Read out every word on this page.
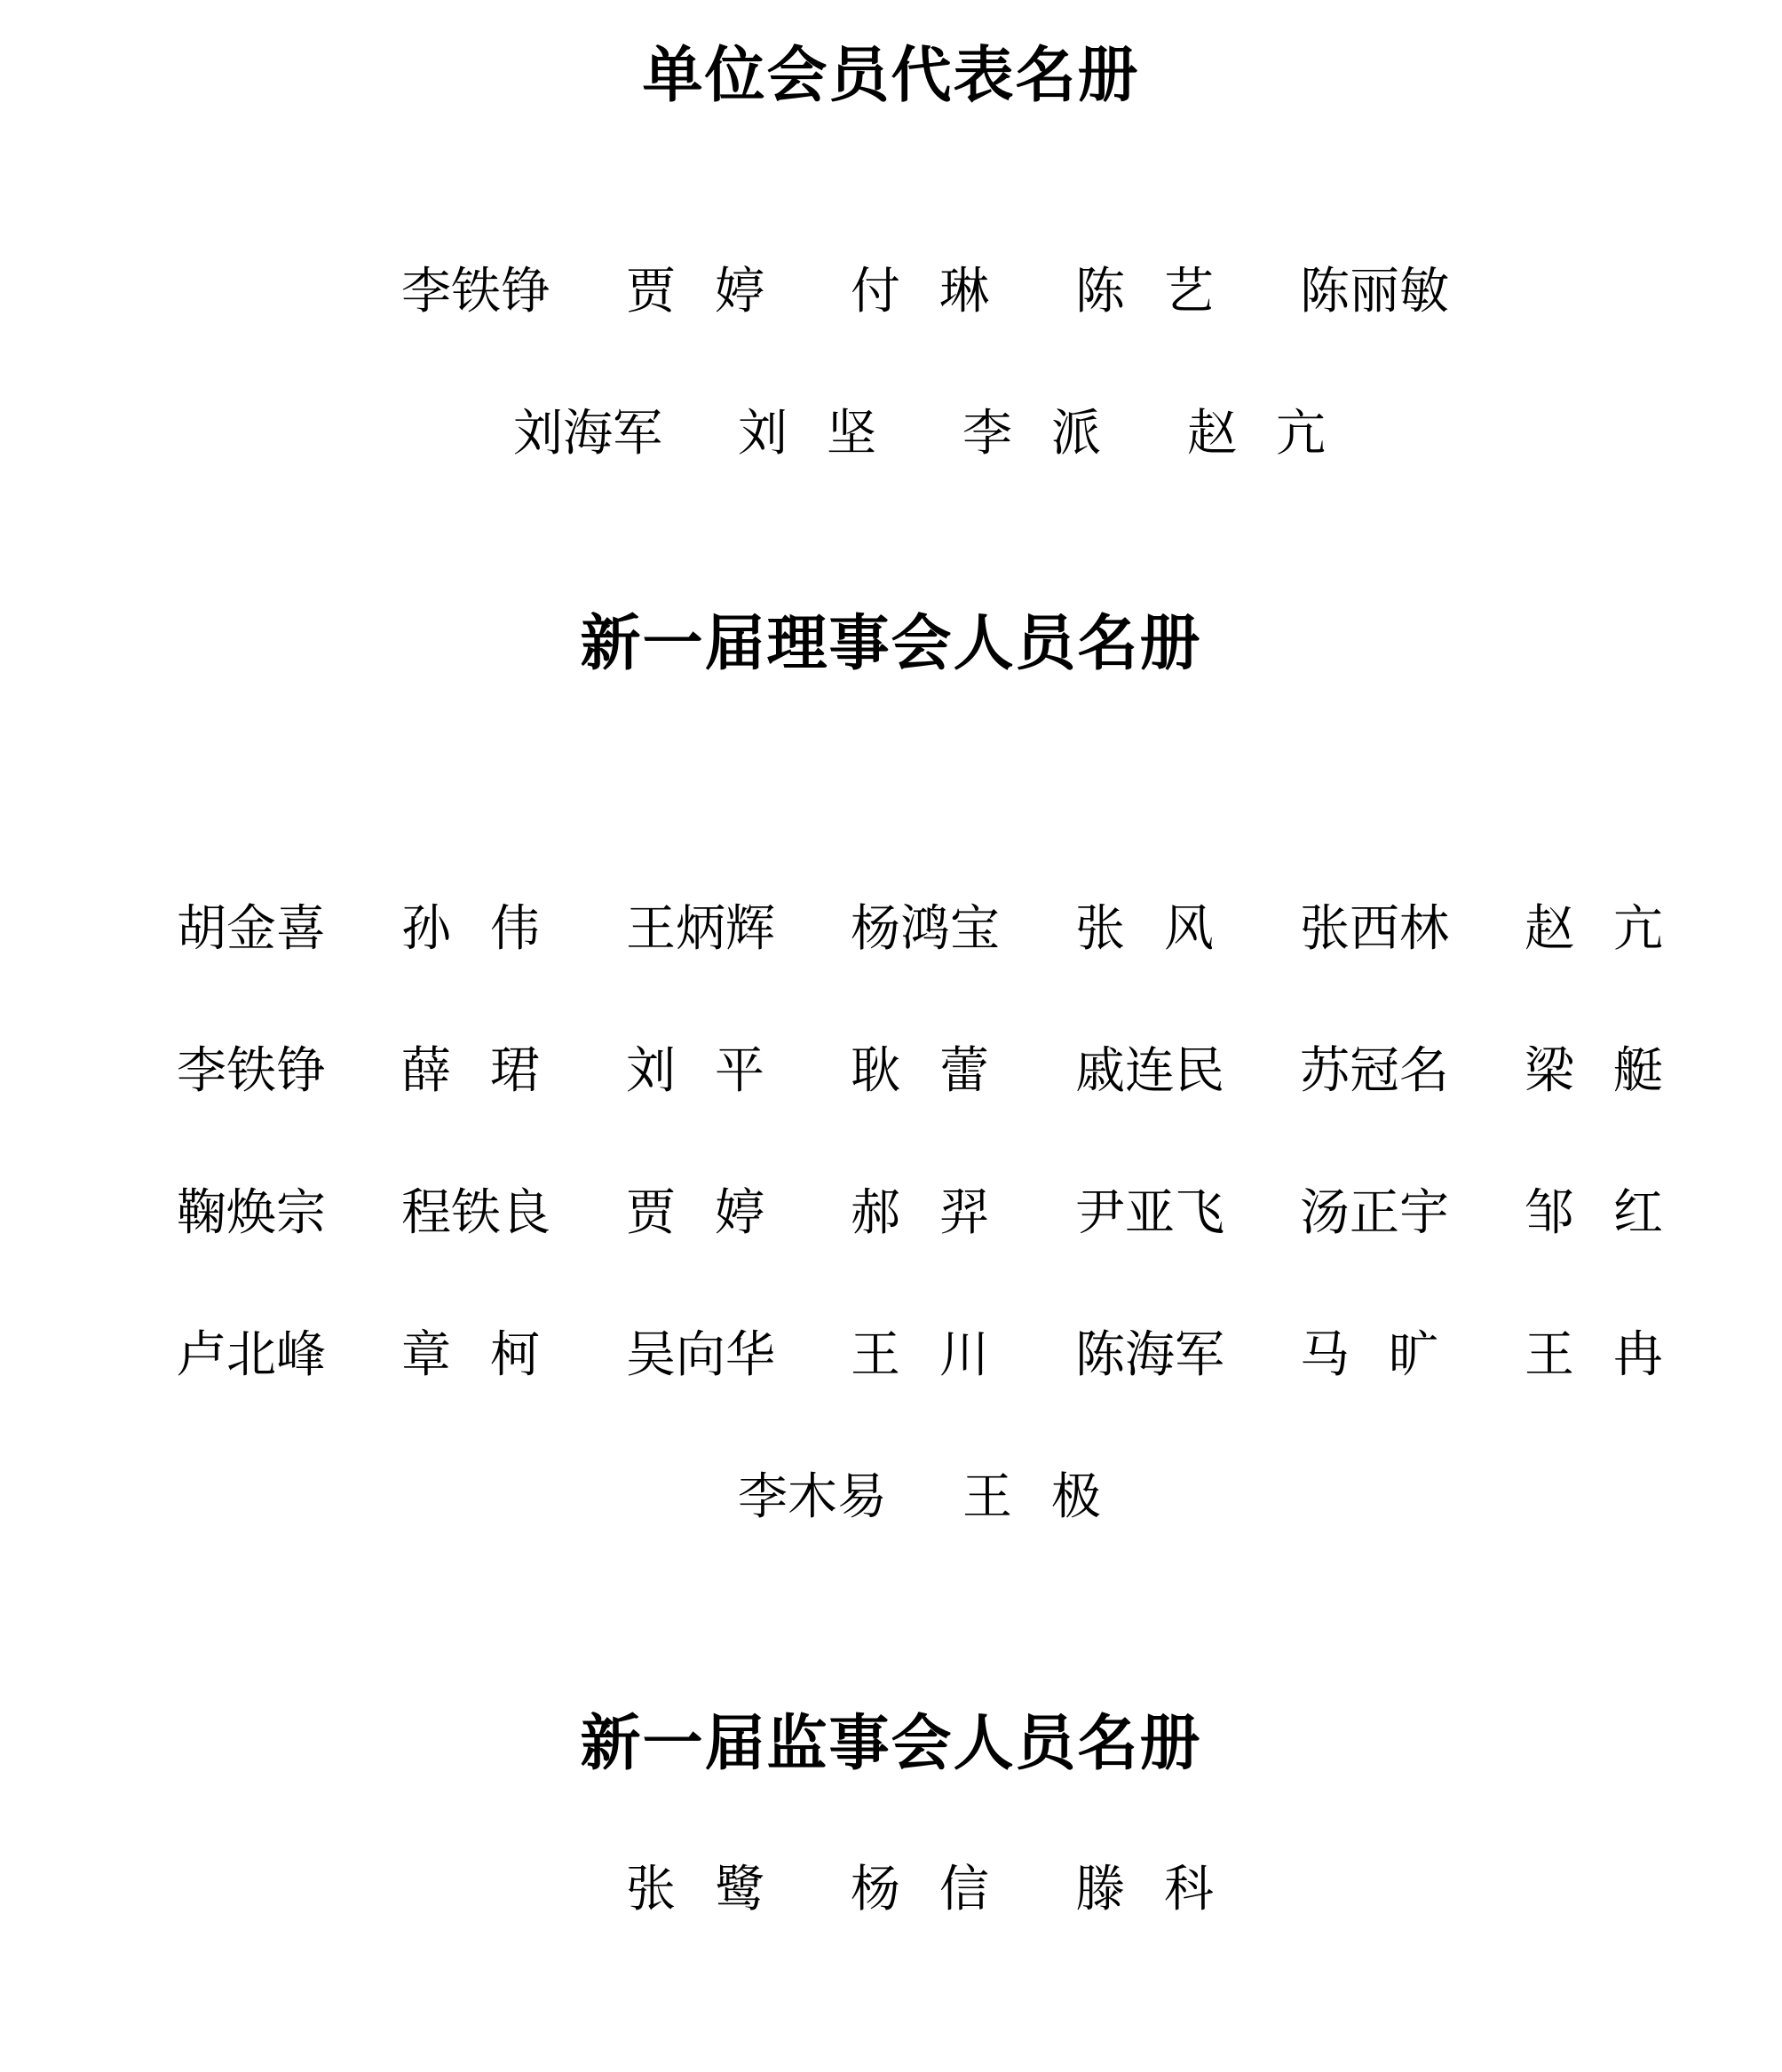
单位会员代表名册
李铁铮 贾婷 付琳 陈艺 陈丽敏
刘海军 刘坚 李派 赵亢
新一届理事会人员名册
胡金喜 孙伟 王炳辉 杨鸿宝 张风 张西林 赵亢
李铁铮 薛珺 刘平 耿蕾 戚连民 苏冠名 梁艇
鞠焕宗 程铁良 贾婷 郝羿 尹亚飞 汤正宇 邹红
卢北峰 章柯 吴向华 王川 陈海军 马旷 王冉
李木易 王极
新一届监事会人员名册
张鹭 杨信 滕科
